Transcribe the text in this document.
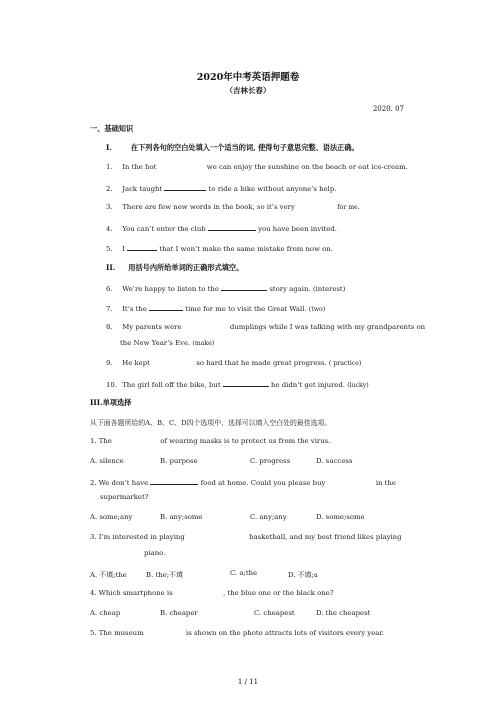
2020年中考英语押题卷
（吉林长春）
2020. 07
一、基础知识
I.	在下列各句的空白处填入一个适当的词, 使得句子意思完整、语法正确。
1. In the hot	we can enjoy the sunshine on the beach or eat ice-cream.
2. Jack taught	to ride a bike without anyone’s help.
3. There are few new words in the book, so it’s very	for me.
4. You can’t enter the club	you have been invited.
5. I	that I won’t make the same mistake from now on.
II. 用括号内所给单词的正确形式填空。
6. We’re happy to listen to the	story again. (interest)
7. It’s the	time for me to visit the Great Wall. (two)
8. My parents were	dumplings while I was talking with my grandparents on
the New Year’s Eve. (make)
9. He kept	so hard that he made great progress. ( practice)
10. The girl fell off the bike, but	he didn’t get injured. (lucky)
III.单项选择
从下面各题所给的A、B、C、D四个选项中，选择可以填入空白处的最佳选项。
1. The	of wearing masks is to protect us from the virus.
A. silence	B. purpose	C. progress	D. success
2. We don’t have	food at home. Could you please buy	in the
supermarket?
A. some;any	B. any;some	C. any;any	D. some;some
3. I’m interested in playing	basketball, and my best friend likes playing
piano.
A. 不填;the	B. the;不填	C. a;the	D. 不填;a
4. Which smartphone is	, the blue one or the black one?
A. cheap	B. cheaper	C. cheapest	D. the cheapest
5. The museum	is shown on the photo attracts lots of visitors every year.
1 / 11
